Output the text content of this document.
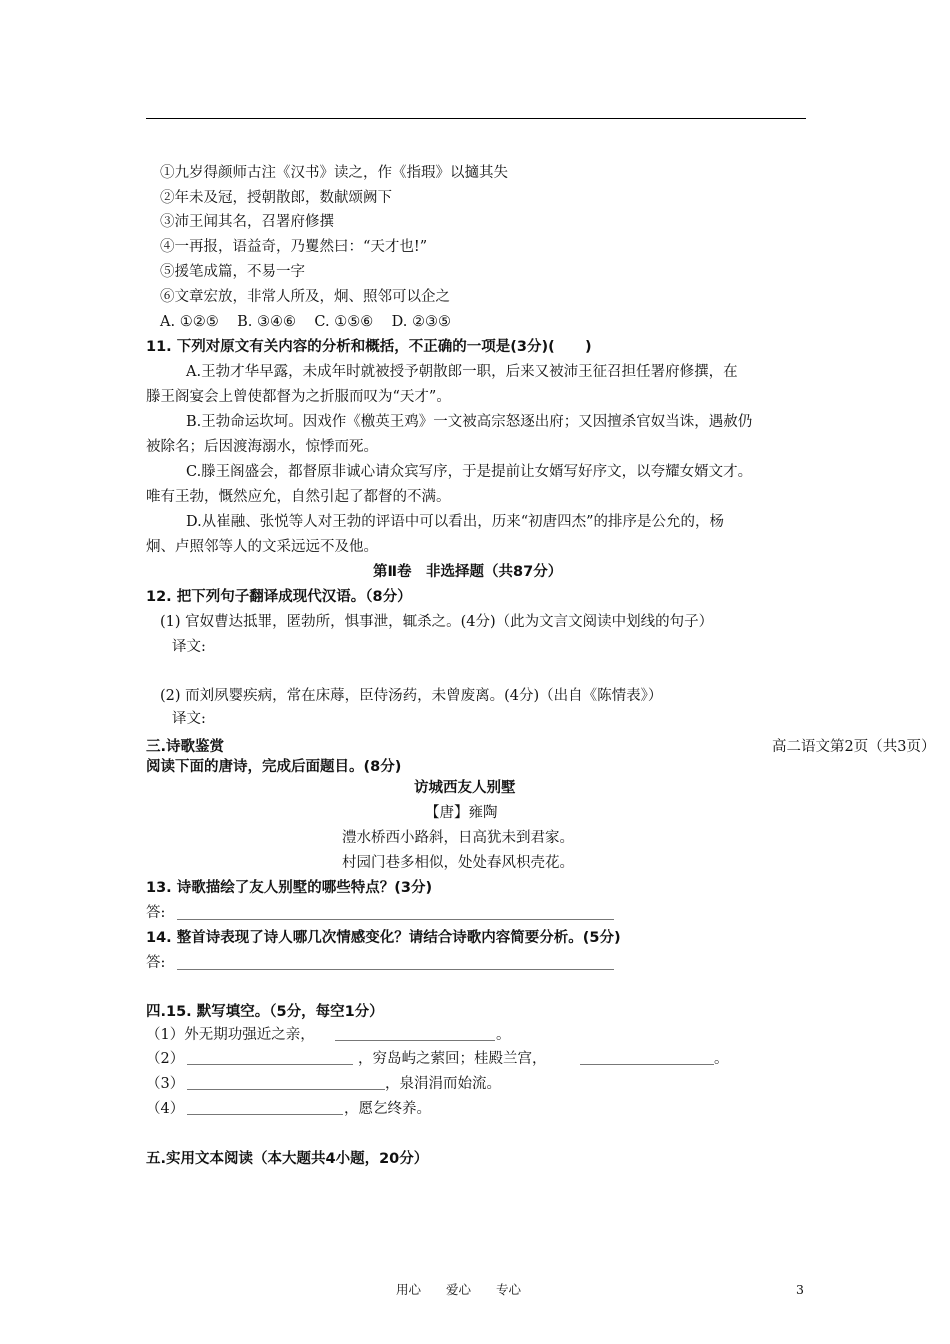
①九岁得颜师古注《汉书》读之，作《指瑕》以擿其失
②年未及冠，授朝散郎，数献颂阙下
③沛王闻其名，召署府修撰
④一再报，语益奇，乃矍然曰：“天才也!”
⑤援笔成篇，不易一字
⑥文章宏放，非常人所及，炯、照邻可以企之
A. ①②⑤    B. ③④⑥    C. ①⑤⑥    D. ②③⑤
11. 下列对原文有关内容的分析和概括，不正确的一项是(3分)(      )
A.王勃才华早露，未成年时就被授予朝散郎一职，后来又被沛王征召担任署府修撰，在
滕王阁宴会上曾使都督为之折服而叹为“天才”。
B.王勃命运坎坷。因戏作《檄英王鸡》一文被高宗怒逐出府；又因擅杀官奴当诛，遇赦仍
被除名；后因渡海溺水，惊悸而死。
C.滕王阁盛会，都督原非诚心请众宾写序，于是提前让女婿写好序文，以夸耀女婿文才。
唯有王勃，慨然应允，自然引起了都督的不满。
D.从崔融、张悦等人对王勃的评语中可以看出，历来“初唐四杰”的排序是公允的，杨
炯、卢照邻等人的文采远远不及他。
第Ⅱ卷　非选择题（共87分）
12. 把下列句子翻译成现代汉语。（8分）
(1) 官奴曹达抵罪，匿勃所，惧事泄，辄杀之。(4分)（此为文言文阅读中划线的句子）
译文:
(2) 而刘夙婴疾病，常在床蓐，臣侍汤药，未曾废离。(4分)（出自《陈情表》）
译文:
三.诗歌鉴赏	高二语文第2页（共3页）
阅读下面的唐诗，完成后面题目。(8分)
访城西友人别墅
【唐】雍陶
澧水桥西小路斜，日高犹未到君家。
村园门巷多相似，处处春风枳壳花。
13. 诗歌描绘了友人别墅的哪些特点？(3分)
答:
14. 整首诗表现了诗人哪几次情感变化？请结合诗歌内容简要分析。(5分)
答:
四.15. 默写填空。（5分，每空1分）
（1）外无期功强近之亲，	。
（2）	，穷岛屿之萦回；桂殿兰宫，	。
（3）	，泉涓涓而始流。
（4）	，愿乞终养。
五.实用文本阅读（本大题共4小题，20分）
用心　　爱心　　专心	3
